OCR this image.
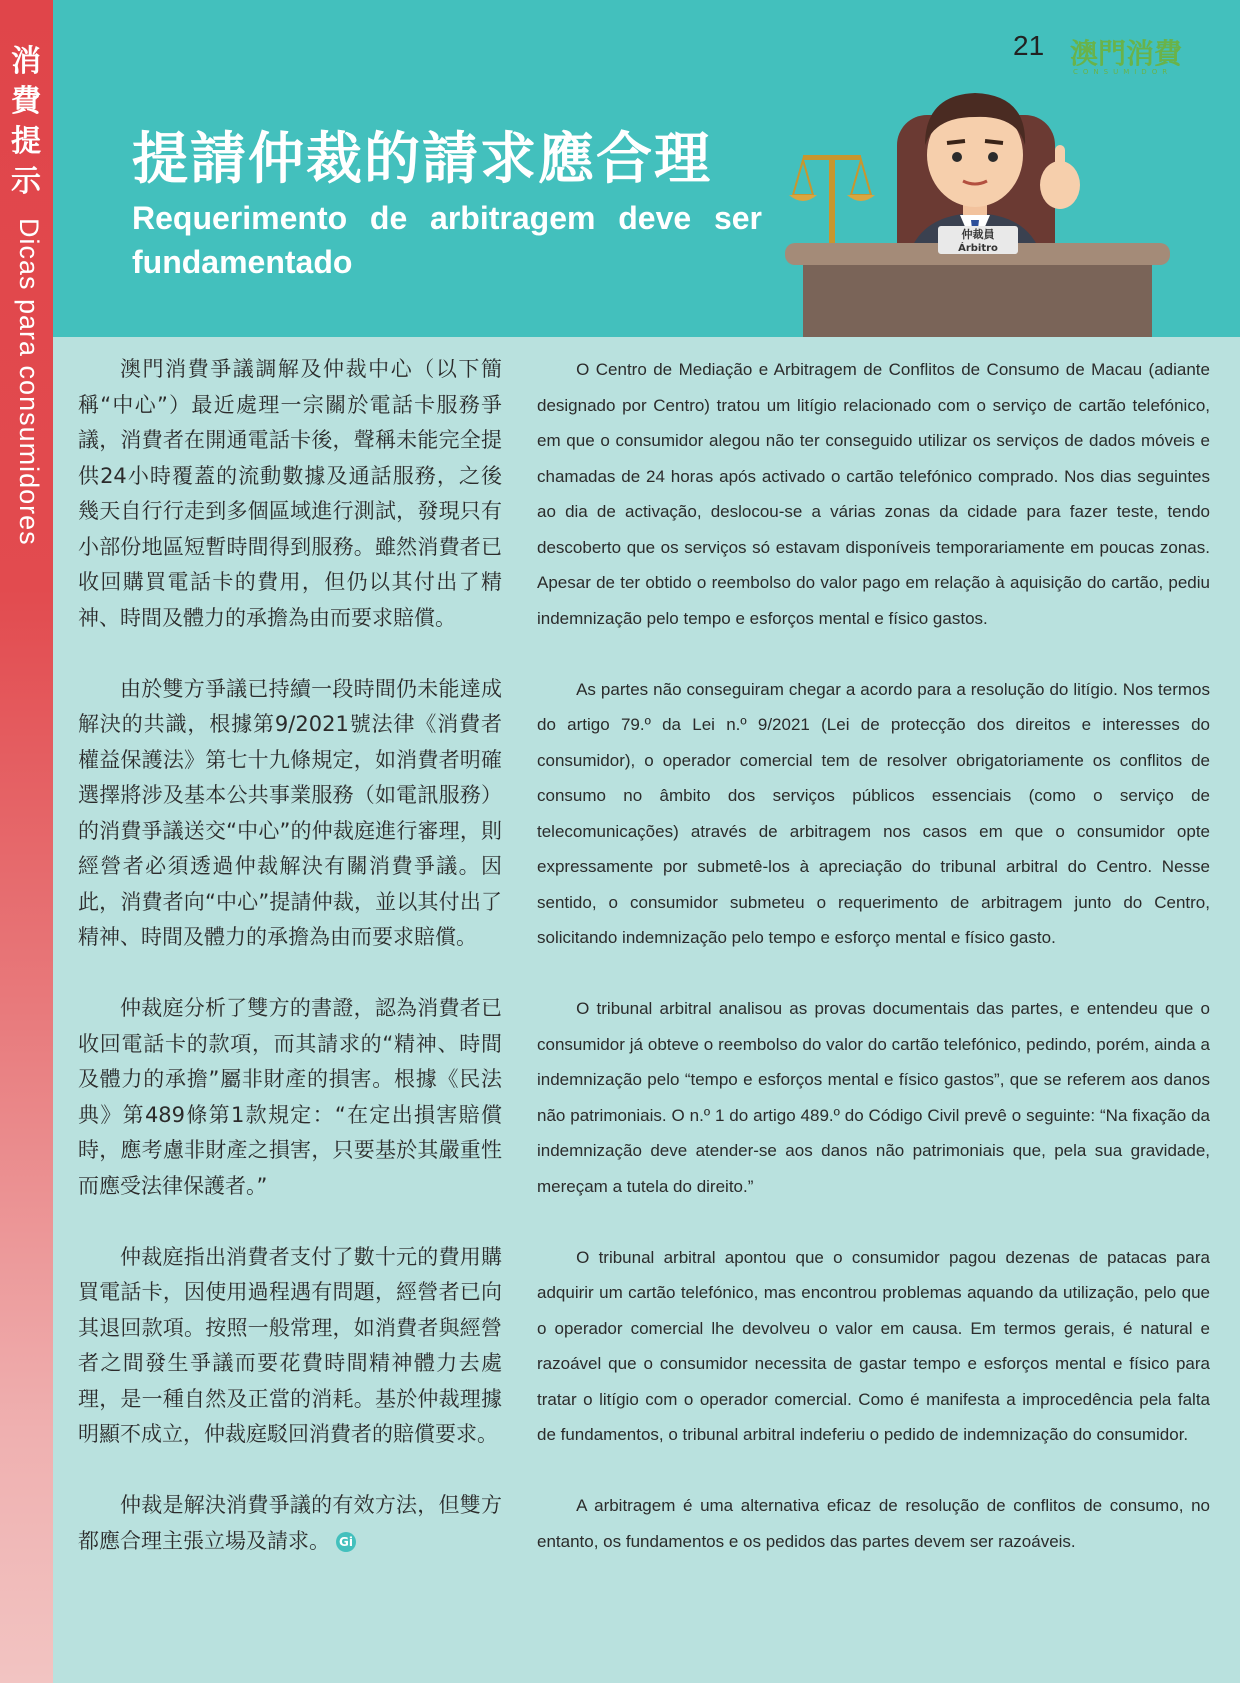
消
費
提
示
Dicas para consumidores
21 澳門消費
CONSUMIDOR
提請仲裁的請求應合理
Requerimento de arbitragem deve ser fundamentado
仲裁員
Árbitro

澳門消費爭議調解及仲裁中心（以下簡稱“中心”）最近處理一宗關於電話卡服務爭議，消費者在開通電話卡後，聲稱未能完全提供24小時覆蓋的流動數據及通話服務，之後幾天自行行走到多個區域進行測試，發現只有小部份地區短暫時間得到服務。雖然消費者已收回購買電話卡的費用，但仍以其付出了精神、時間及體力的承擔為由而要求賠償。

由於雙方爭議已持續一段時間仍未能達成解決的共識，根據第9/2021號法律《消費者權益保護法》第七十九條規定，如消費者明確選擇將涉及基本公共事業服務（如電訊服務）的消費爭議送交“中心”的仲裁庭進行審理，則經營者必須透過仲裁解決有關消費爭議。因此，消費者向“中心”提請仲裁，並以其付出了精神、時間及體力的承擔為由而要求賠償。

仲裁庭分析了雙方的書證，認為消費者已收回電話卡的款項，而其請求的“精神、時間及體力的承擔”屬非財產的損害。根據《民法典》第489條第1款規定：“在定出損害賠償時，應考慮非財產之損害，只要基於其嚴重性而應受法律保護者。”

仲裁庭指出消費者支付了數十元的費用購買電話卡，因使用過程遇有問題，經營者已向其退回款項。按照一般常理，如消費者與經營者之間發生爭議而要花費時間精神體力去處理，是一種自然及正當的消耗。基於仲裁理據明顯不成立，仲裁庭駁回消費者的賠償要求。

仲裁是解決消費爭議的有效方法，但雙方都應合理主張立場及請求。 Gi

O Centro de Mediação e Arbitragem de Conflitos de Consumo de Macau (adiante designado por Centro) tratou um litígio relacionado com o serviço de cartão telefónico, em que o consumidor alegou não ter conseguido utilizar os serviços de dados móveis e chamadas de 24 horas após activado o cartão telefónico comprado. Nos dias seguintes ao dia de activação, deslocou-se a várias zonas da cidade para fazer teste, tendo descoberto que os serviços só estavam disponíveis temporariamente em poucas zonas. Apesar de ter obtido o reembolso do valor pago em relação à aquisição do cartão, pediu indemnização pelo tempo e esforços mental e físico gastos.

As partes não conseguiram chegar a acordo para a resolução do litígio. Nos termos do artigo 79.º da Lei n.º 9/2021 (Lei de protecção dos direitos e interesses do consumidor), o operador comercial tem de resolver obrigatoriamente os conflitos de consumo no âmbito dos serviços públicos essenciais (como o serviço de telecomunicações) através de arbitragem nos casos em que o consumidor opte expressamente por submetê-los à apreciação do tribunal arbitral do Centro. Nesse sentido, o consumidor submeteu o requerimento de arbitragem junto do Centro, solicitando indemnização pelo tempo e esforço mental e físico gasto.

O tribunal arbitral analisou as provas documentais das partes, e entendeu que o consumidor já obteve o reembolso do valor do cartão telefónico, pedindo, porém, ainda a indemnização pelo “tempo e esforços mental e físico gastos”, que se referem aos danos não patrimoniais. O n.º 1 do artigo 489.º do Código Civil prevê o seguinte: “Na fixação da indemnização deve atender-se aos danos não patrimoniais que, pela sua gravidade, mereçam a tutela do direito.”

O tribunal arbitral apontou que o consumidor pagou dezenas de patacas para adquirir um cartão telefónico, mas encontrou problemas aquando da utilização, pelo que o operador comercial lhe devolveu o valor em causa. Em termos gerais, é natural e razoável que o consumidor necessita de gastar tempo e esforços mental e físico para tratar o litígio com o operador comercial. Como é manifesta a improcedência pela falta de fundamentos, o tribunal arbitral indeferiu o pedido de indemnização do consumidor.

A arbitragem é uma alternativa eficaz de resolução de conflitos de consumo, no entanto, os fundamentos e os pedidos das partes devem ser razoáveis.
